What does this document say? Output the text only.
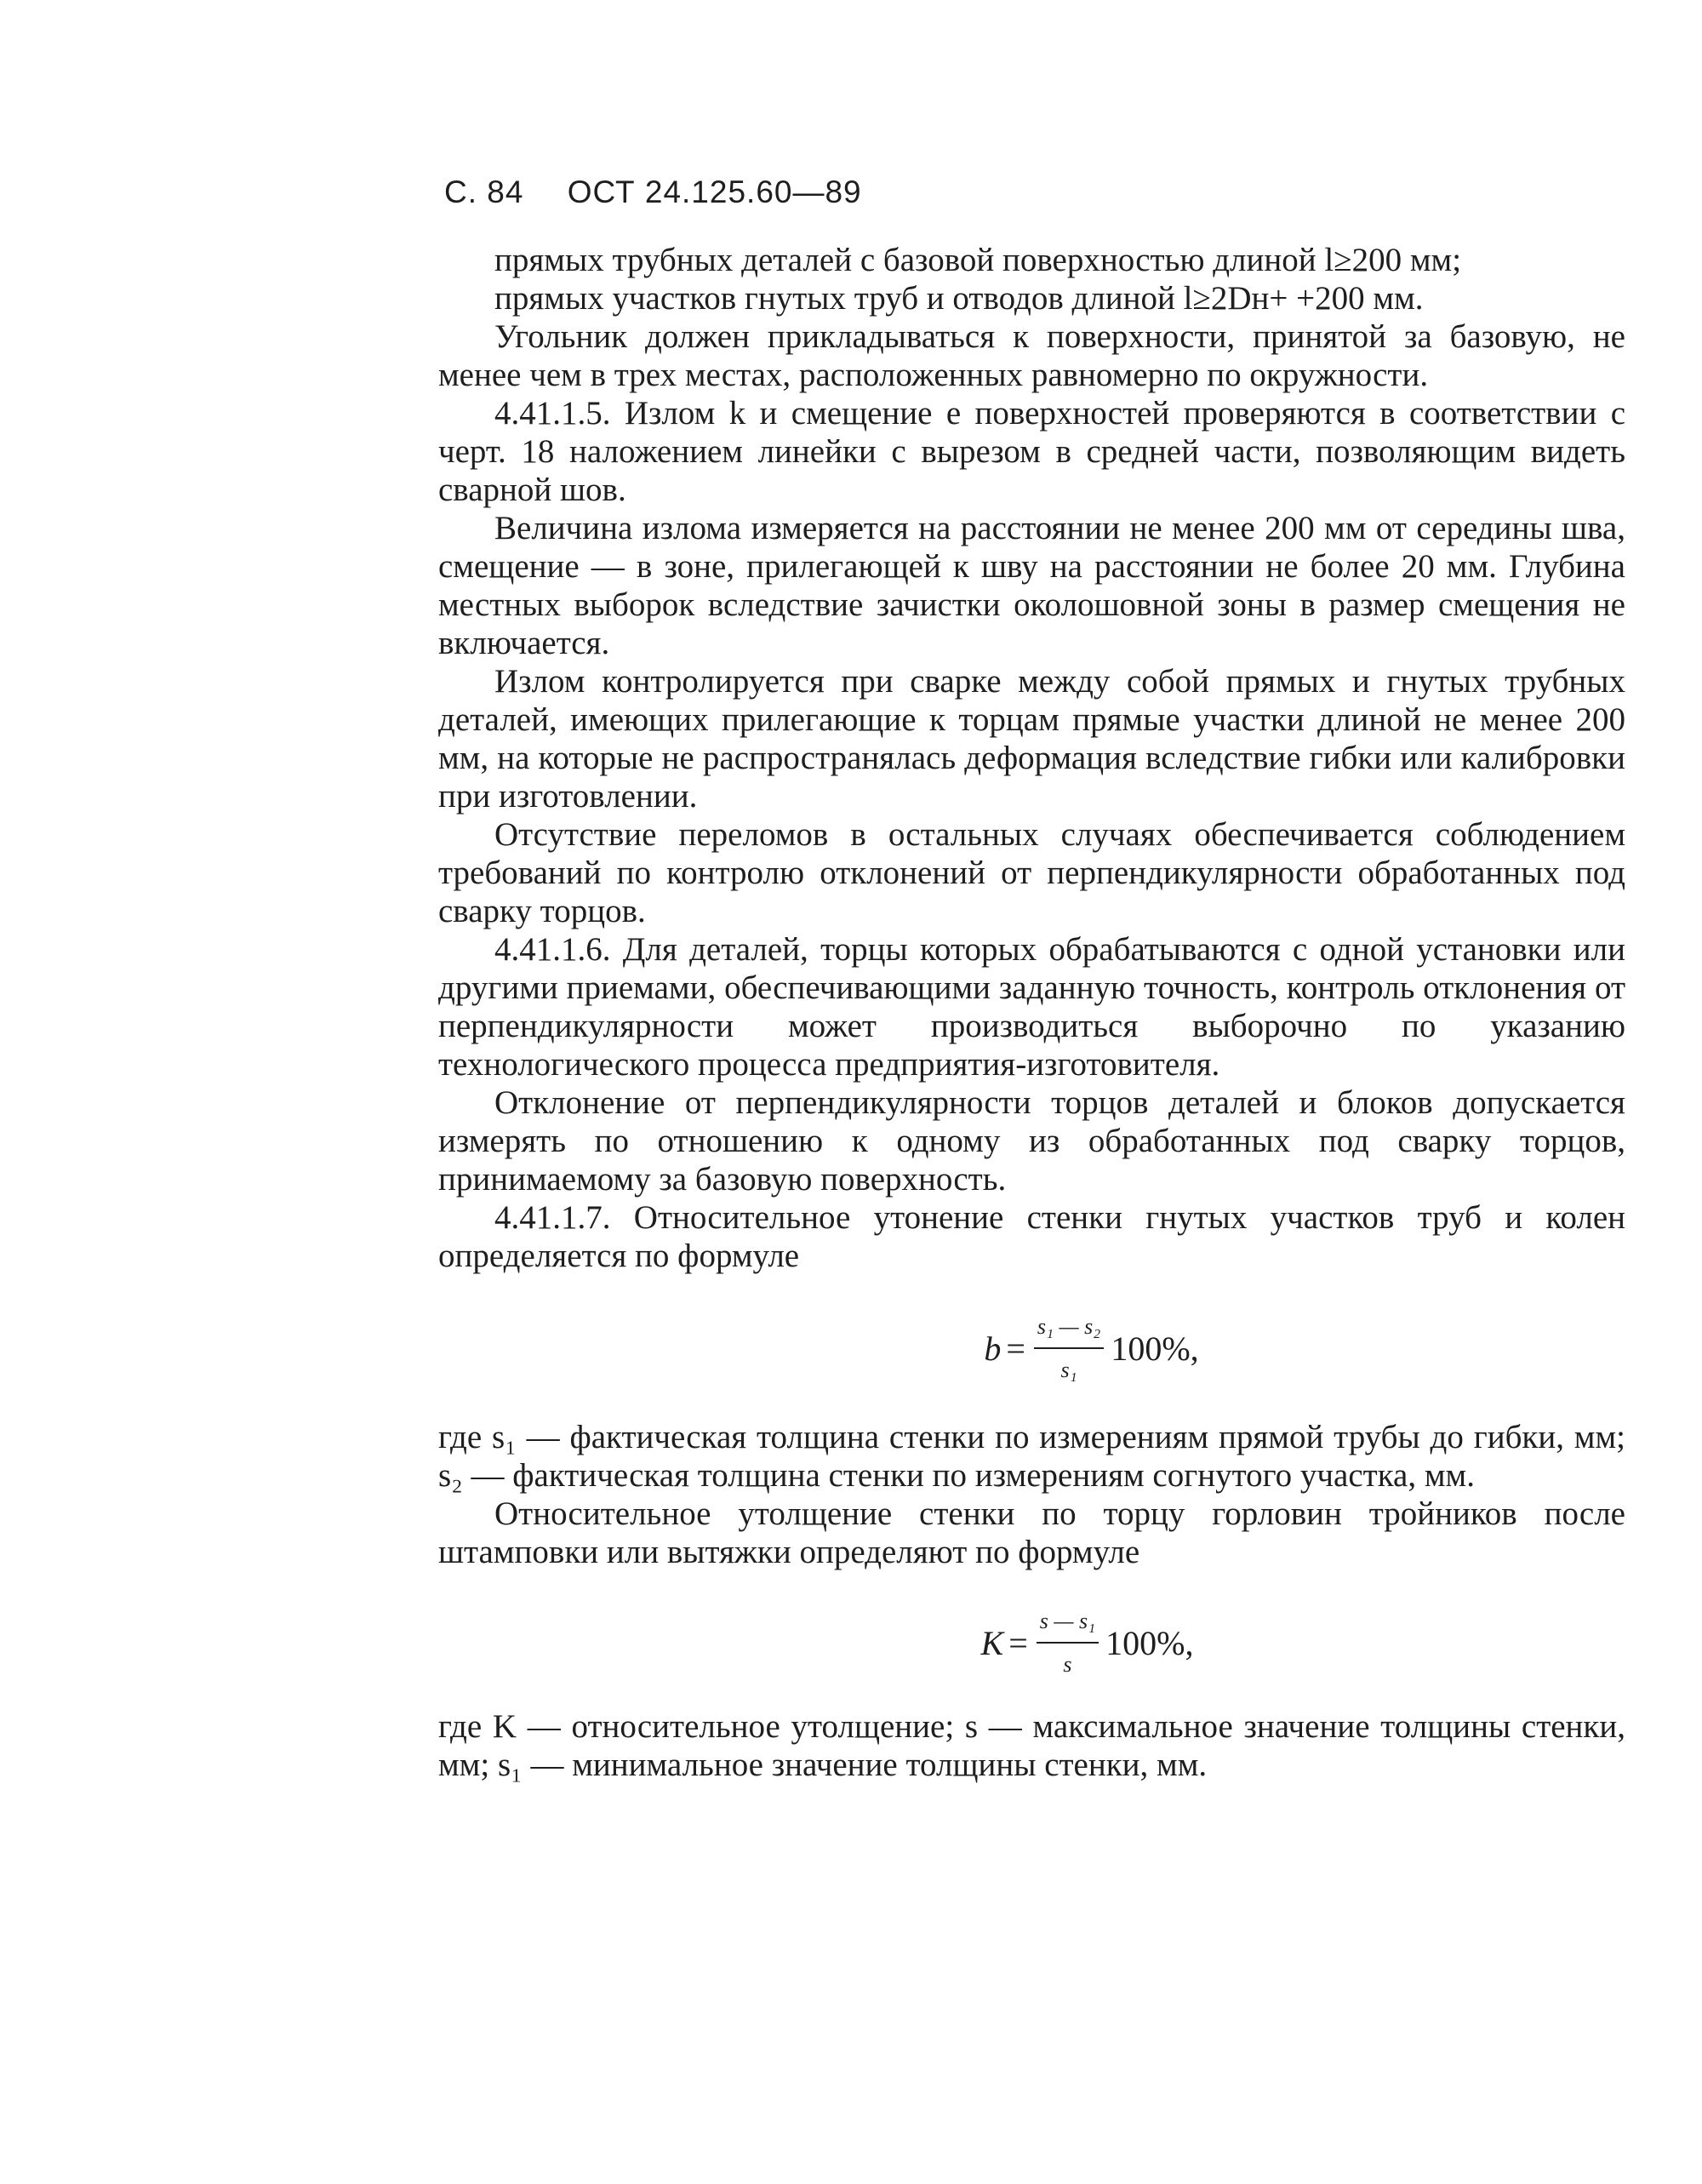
С. 84 ОСТ 24.125.60—89

прямых трубных деталей с базовой поверхностью длиной l≥200 мм;

прямых участков гнутых труб и отводов длиной l≥2Dн+ +200 мм.

Угольник должен прикладываться к поверхности, принятой за базовую, не менее чем в трех местах, расположенных равномерно по окружности.

4.41.1.5. Излом k и смещение e поверхностей проверяются в соответствии с черт. 18 наложением линейки с вырезом в средней части, позволяющим видеть сварной шов.

Величина излома измеряется на расстоянии не менее 200 мм от середины шва, смещение — в зоне, прилегающей к шву на расстоянии не более 20 мм. Глубина местных выборок вследствие зачистки околошовной зоны в размер смещения не включается.

Излом контролируется при сварке между собой прямых и гнутых трубных деталей, имеющих прилегающие к торцам прямые участки длиной не менее 200 мм, на которые не распространялась деформация вследствие гибки или калибровки при изготовлении.

Отсутствие переломов в остальных случаях обеспечивается соблюдением требований по контролю отклонений от перпендикулярности обработанных под сварку торцов.

4.41.1.6. Для деталей, торцы которых обрабатываются с одной установки или другими приемами, обеспечивающими заданную точность, контроль отклонения от перпендикулярности может производиться выборочно по указанию технологического процесса предприятия-изготовителя.

Отклонение от перпендикулярности торцов деталей и блоков допускается измерять по отношению к одному из обработанных под сварку торцов, принимаемому за базовую поверхность.

4.41.1.7. Относительное утонение стенки гнутых участков труб и колен определяется по формуле

$b = \frac{\text{s₁ — s₂}}{\text{s₁}} 100\%$,

где s₁ — фактическая толщина стенки по измерениям прямой трубы до гибки, мм; s₂ — фактическая толщина стенки по измерениям согнутого участка, мм.

Относительное утолщение стенки по торцу горловин тройников после штамповки или вытяжки определяют по формуле

$K = \frac{\text{s — s₁}}{s} 100\%$,

где K — относительное утолщение; s — максимальное значение толщины стенки, мм; s₁ — минимальное значение толщины стенки, мм.
